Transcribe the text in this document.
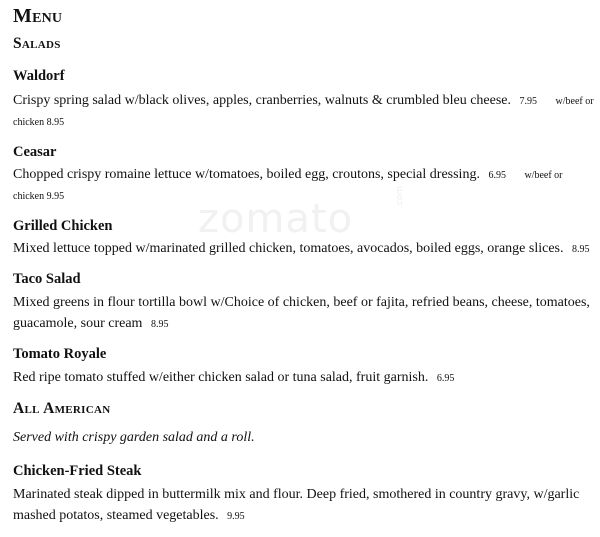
zomato	.com
Menu
Salads
Waldorf
Crispy spring salad w/black olives, apples, cranberries, walnuts & crumbled bleu cheese. 7.95 w/beef or
chicken 8.95
Ceasar
Chopped crispy romaine lettuce w/tomatoes, boiled egg, croutons, special dressing. 6.95 w/beef or
chicken 9.95
Grilled Chicken
Mixed lettuce topped w/marinated grilled chicken, tomatoes, avocados, boiled eggs, orange slices. 8.95
Taco Salad
Mixed greens in flour tortilla bowl w/Choice of chicken, beef or fajita, refried beans, cheese, tomatoes,
guacamole, sour cream 8.95
Tomato Royale
Red ripe tomato stuffed w/either chicken salad or tuna salad, fruit garnish. 6.95
All American
Served with crispy garden salad and a roll.
Chicken-Fried Steak
Marinated steak dipped in buttermilk mix and flour. Deep fried, smothered in country gravy, w/garlic
mashed potatos, steamed vegetables. 9.95
